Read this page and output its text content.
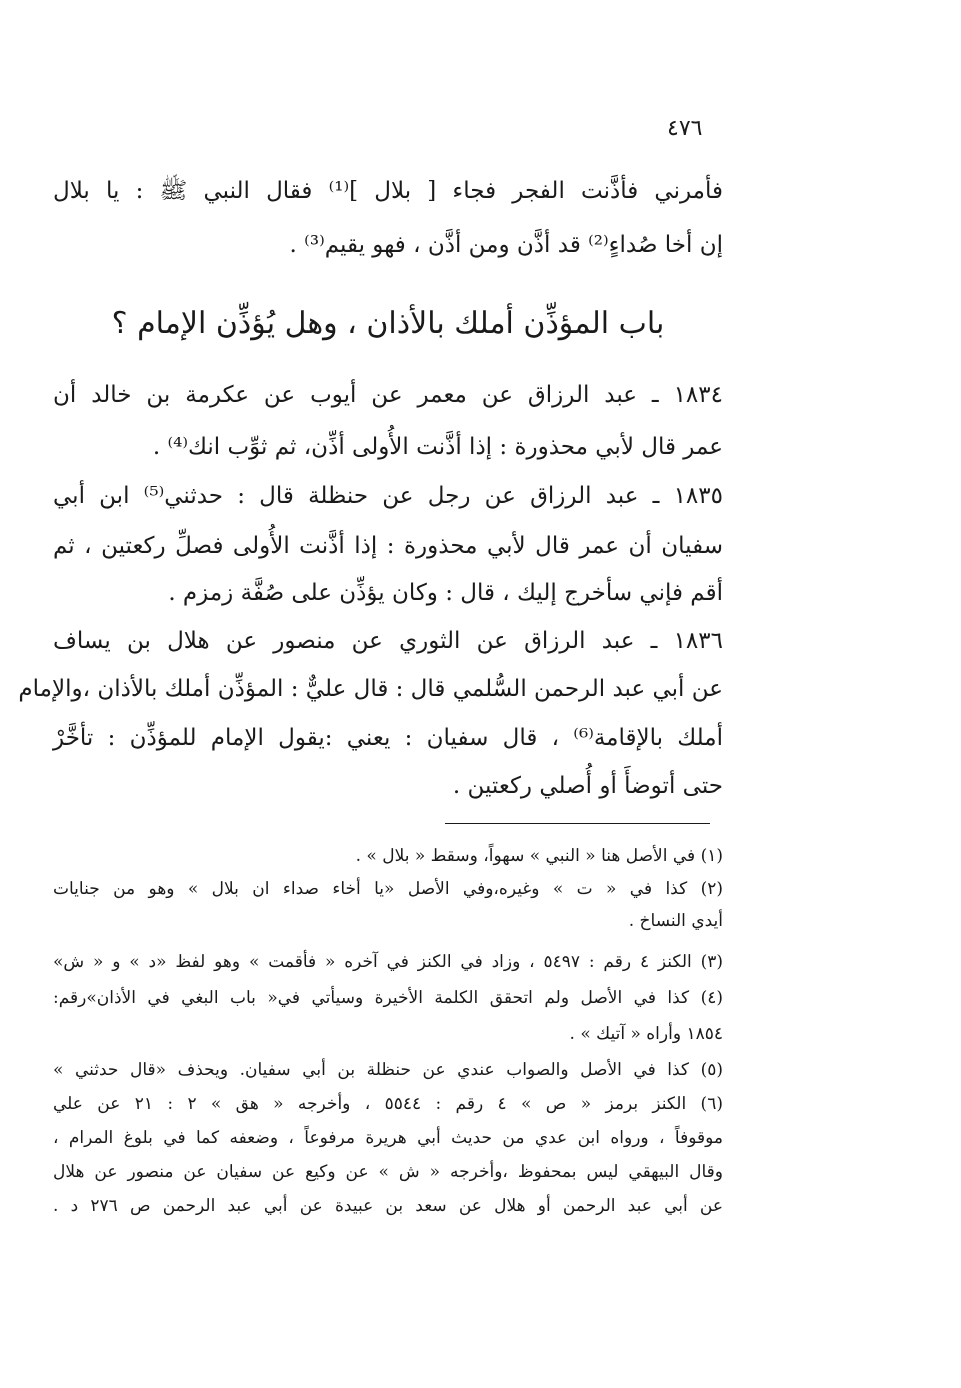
٤٧٦

فأمرني فأذَّنت الفجر فجاء [ بلال ]⁽¹⁾ فقال النبي ﷺ : يا بلال

إن أخا صُداءٍ⁽²⁾ قد أذَّن ومن أذَّن ، فهو يقيم⁽³⁾ .

باب المؤذِّن أملك بالأذان ، وهل يُؤذِّن الإمام ؟

١٨٣٤ ـ عبد الرزاق عن معمر عن أيوب عن عكرمة بن خالد أن

عمر قال لأبي محذورة : إذا أذَّنت الأُولى أذِّن، ثم ثوِّب انك⁽⁴⁾ .

١٨٣٥ ـ عبد الرزاق عن رجل عن حنظلة قال : حدثني⁽⁵⁾ ابن أبي

سفيان أن عمر قال لأبي محذورة : إذا أذَّنت الأُولى فصلِّ ركعتين ، ثم

أقم فإني سأخرج إليك ، قال : وكان يؤذِّن على صُفَّة زمزم .

١٨٣٦ ـ عبد الرزاق عن الثوري عن منصور عن هلال بن يساف

عن أبي عبد الرحمن السُّلمي قال : قال عليٌّ : المؤذِّن أملك بالأذان ،والإمام

أملك بالإقامة⁽⁶⁾ ، قال سفيان : يعني :يقول الإمام للمؤذِّن : تأخَّرْ

حتى أتوضأَ أو أُصلي ركعتين .

(١) في الأصل هنا « النبي » سهواً، وسقط « بلال » .

(٢) كذا في « ت » وغيره،وفي الأصل «يا أخاء صداء ان بلال » وهو من جنايات

أيدي النساخ .

(٣) الكنز ٤ رقم : ٥٤٩٧ ، وزاد في الكنز في آخره « فأقمت » وهو لفظ «د » و « ش»

(٤) كذا في الأصل ولم اتحقق الكلمة الأخيرة وسيأتي في« باب البغي في الأذان»رقم:

١٨٥٤ وأراه « آتيك » .

(٥) كذا في الأصل والصواب عندي عن حنظلة بن أبي سفيان. ويحذف «قال حدثني »

(٦) الكنز برمز « ص » ٤ رقم : ٥٥٤٤ ، وأخرجه « هق » ٢ : ٢١ عن علي

موقوفاً ، ورواه ابن عدي من حديث أبي هريرة مرفوعاً ، وضعفه كما في بلوغ المرام ،

وقال البيهقي ليس بمحفوظ ،وأخرجه « ش » عن وكيع عن سفيان عن منصور عن هلال

عن أبي عبد الرحمن أو هلال عن سعد بن عبيدة عن أبي عبد الرحمن ص ٢٧٦ د .
